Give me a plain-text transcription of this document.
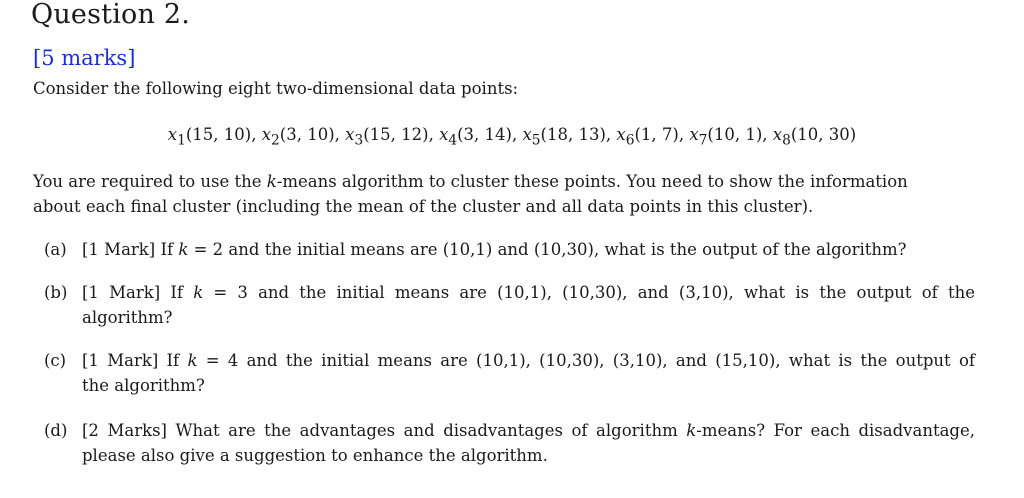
Question 2.
[5 marks]
Consider the following eight two-dimensional data points:
$x_1(15$, 10), $x_2(3$, 10), $x_3(15$, 12), $x_4(3$, 14), $x_5(18$, 13), $x_6(1$, 7), $x_7(10$, 1), $x_8(10$, 30)
You are required to use the k-means algorithm to cluster these points. You need to show the information
about each final cluster (including the mean of the cluster and all data points in this cluster).
(a) [1 Mark] If k = 2 and the initial means are (10,1) and (10,30), what is the output of the algorithm?
(b) [1 Mark] If k = 3 and the initial means are (10,1), (10,30), and (3,10), what is the output of the
algorithm?
(c) [1 Mark] If k = 4 and the initial means are (10,1), (10,30), (3,10), and (15,10), what is the output of
the algorithm?
(d) [2 Marks] What are the advantages and disadvantages of algorithm k-means? For each disadvantage,
please also give a suggestion to enhance the algorithm.
